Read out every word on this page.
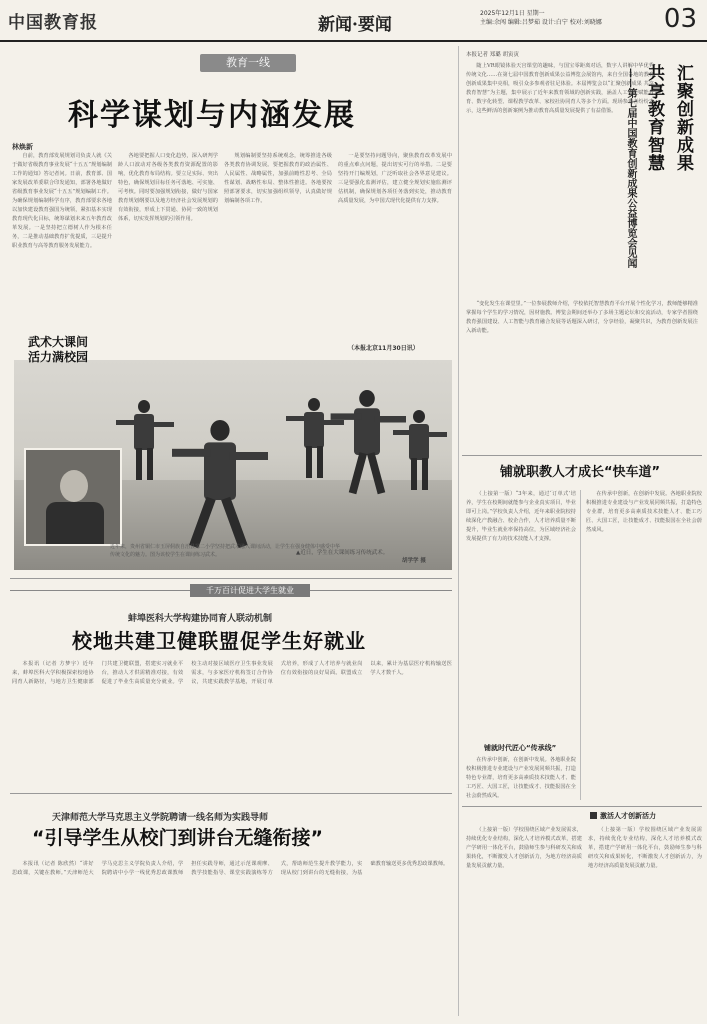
中国教育报	新闻·要闻
2025年12月1日 星期一
主编:余闯 编辑:吕梦茹 设计:白宁 校对:刘晓娜 03
教育一线
科学谋划与内涵发展
林焕新

自前，教育部发展规划司负责人就《关于做好省级教育事业发展“十五五”规划编制工作的通知》答记者问。日前，教育部、国家发展改革委联合印发通知，部署各地做好省级教育事业发展“十五五”规划编制工作。为确保规划编制科学有序，教育部要求各地以加快建设教育强国为统领，紧扣基本实现教育现代化目标，统筹谋划未来五年教育改革发展。一是坚持把立德树人作为根本任务，二是推动基础教育扩优提质，三是提升职业教育与高等教育服务发展能力。

各地要把握人口变化趋势，深入研判学龄人口波动对各级各类教育资源配置的影响，优化教育布局结构。要立足实际、突出特色，确保规划目标任务可落地、可实施、可考核。同时要加强规划衔接，做好与国家教育规划纲要以及地方经济社会发展规划的有效衔接，形成上下贯通、协同一致的规划体系，切实发挥规划的引领作用。

规划编制要坚持系统观念，统筹推进各级各类教育协调发展。要把握教育的政治属性、人民属性、战略属性，加强前瞻性思考、全局性谋划、战略性布局、整体性推进。各地要按照部署要求，切实加强组织领导，认真做好规划编制各项工作。

一是要坚持问题导向，聚焦教育改革发展中的重点难点问题，提出切实可行的举措。二是要坚持开门编规划，广泛听取社会各界意见建议。三是要强化监测评估，建立健全规划实施监测评估机制，确保规划各项任务落到实处，推动教育高质量发展，为中国式现代化提供有力支撑。

（本报北京11月30日讯）
武术大课间
活力满校园
近年来，贵州省铜仁市玉屏侗族自治县第二小学坚持把武术融入课间活动，让学生在强身健体中感受中华传统文化的魅力。图为该校学生在课间练习武术。	▲近日，学生在大课间练习传统武术。
胡学学 摄
千万百计促进大学生就业
蚌埠医科大学构建协同育人联动机制
校地共建卫健联盟促学生好就业

本报讯（记者 方梦宇）近年来，蚌埠医科大学积极探索校地协同育人新路径，与地方卫生健康部门共建卫健联盟，搭建实习就业平台，推动人才供需精准对接，有效促进了毕业生高质量充分就业。学校主动对接区域医疗卫生事业发展需求，与多家医疗机构签订合作协议，共建实践教学基地，开展订单式培养，形成了人才培养与就业岗位有效衔接的良好局面。联盟成立以来，累计为基层医疗机构输送医学人才数千人。

天津师范大学马克思主义学院聘请一线名师为实践导师
“引导学生从校门到讲台无缝衔接”

本报讯（记者 陈欣然）“讲好思政课，关键在教师。”天津师范大学马克思主义学院负责人介绍，学院聘请中小学一线优秀思政课教师担任实践导师，通过示范课观摩、教学技能指导、课堂实践演练等方式，帮助师范生提升教学能力，实现从校门到讲台的无缝衔接，为基础教育输送更多优秀思政课教师。

本报记者 郑璐 胡寅寅
汇聚创新成果
共享教育智慧
——第七届中国教育创新成果公益博览会见闻

随上VR眼镜体验天宫课堂的趣味，与国宝零距离对话，数字人讲解中华优秀传统文化……在第七届中国教育创新成果公益博览会展馆内，来自全国各地的教育创新成果集中亮相，吸引众多参观者驻足体验。本届博览会以“汇聚创新成果 共享教育智慧”为主题，集中展示了近年来教育领域的创新实践，涵盖人工智能赋能教育、数字化转型、课程教学改革、家校社协同育人等多个方面。现场参观者纷纷表示，这些鲜活的创新案例为推动教育高质量发展提供了有益借鉴。

“变化发生在课堂里。”一位参展教师介绍，学校依托智慧教育平台开展个性化学习，教师能够精准掌握每个学生的学习情况，因材施教。博览会期间还举办了多场主题论坛和交流活动，专家学者围绕教育强国建设、人工智能与教育融合发展等话题深入研讨，分享经验，凝聚共识，为教育创新发展注入新动能。

铺就职教人才成长“快车道”

（上接第一版）“3年来，通过‘订单式’培养，学生在校期间就能参与企业真实项目，毕业即可上岗。”学校负责人介绍，近年来职业院校持续深化产教融合、校企合作，人才培养质量不断提升，毕业生就业率保持高位，为区域经济社会发展提供了有力的技术技能人才支撑。

铺就时代匠心“传承线”

在传承中创新，在创新中发展。各地职业院校积极推进专业建设与产业发展同频共振，打造特色专业群，培育更多高素质技术技能人才、能工巧匠、大国工匠，让技能成才、技能报国在全社会蔚然成风。

在传承中创新，在创新中发展。各地职业院校积极推进专业建设与产业发展同频共振，打造特色专业群，培育更多高素质技术技能人才、能工巧匠、大国工匠，让技能成才、技能报国在全社会蔚然成风。

激活人才创新活力

（上接第一版）学校围绕区域产业发展需求，持续优化专业结构，深化人才培养模式改革，搭建产学研用一体化平台，鼓励师生参与科研攻关和成果转化，不断激发人才创新活力，为地方经济高质量发展贡献力量。

（上接第一版）学校围绕区域产业发展需求，持续优化专业结构，深化人才培养模式改革，搭建产学研用一体化平台，鼓励师生参与科研攻关和成果转化，不断激发人才创新活力，为地方经济高质量发展贡献力量。
